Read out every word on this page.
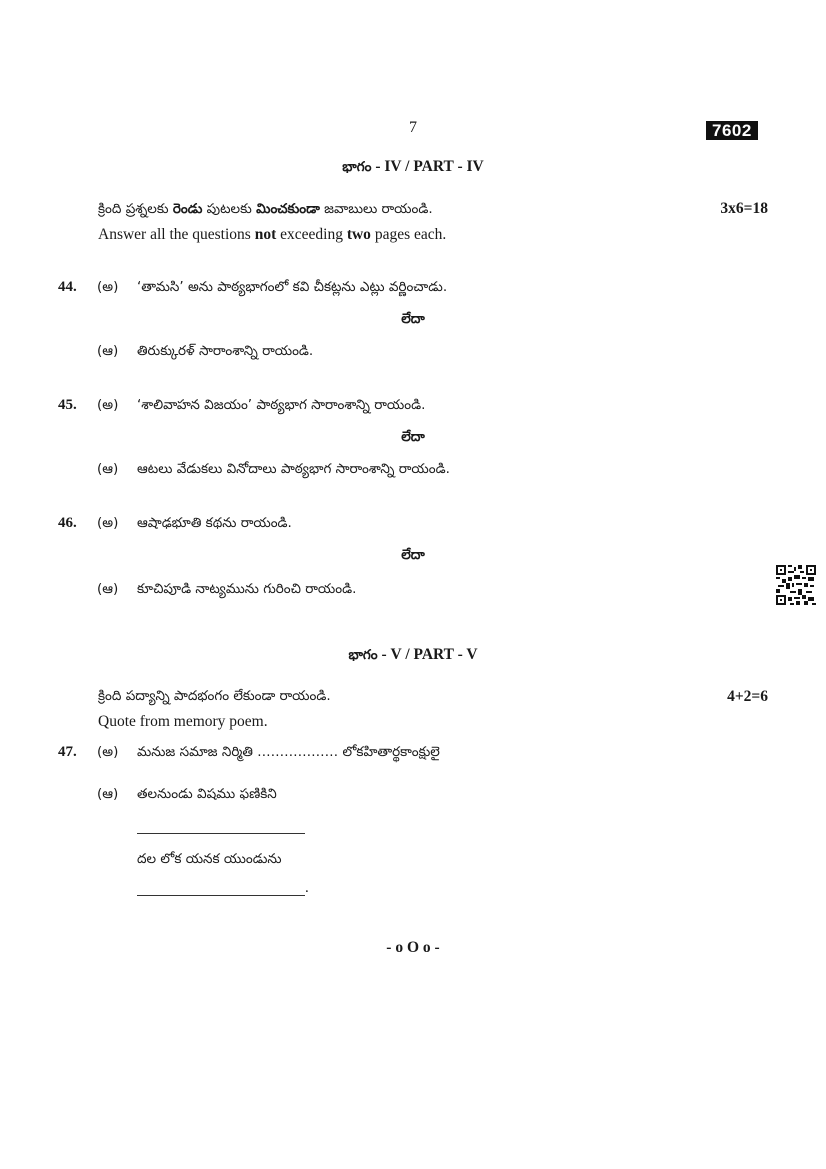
7	7602
భాగం - IV / PART - IV
క్రింది ప్రశ్నలకు రెండు పుటలకు మించకుండా జవాబులు రాయండి.	3x6=18
Answer all the questions not exceeding two pages each.
44. (అ) ‘తామసి’ అను పాఠ్యభాగంలో కవి చీకట్లను ఎట్లు వర్ణించాడు.
లేదా
(ఆ) తిరుక్కురళ్ సారాంశాన్ని రాయండి.
45. (అ) ‘శాలివాహన విజయం’ పాఠ్యభాగ సారాంశాన్ని రాయండి.
లేదా
(ఆ) ఆటలు వేడుకలు వినోదాలు పాఠ్యభాగ సారాంశాన్ని రాయండి.
46. (అ) ఆషాఢభూతి కథను రాయండి.
లేదా
(ఆ) కూచిపూడి నాట్యమును గురించి రాయండి.
భాగం - V / PART - V
క్రింది పద్యాన్ని పాదభంగం లేకుండా రాయండి.	4+2=6
Quote from memory poem.
47. (అ) మనుజ సమాజ నిర్మితి ……………… లోకహితార్థకాంక్షులై
(ఆ) తలనుండు విషము ఫణికిని
దల లోక యనక యుండును
.
- o O o -
